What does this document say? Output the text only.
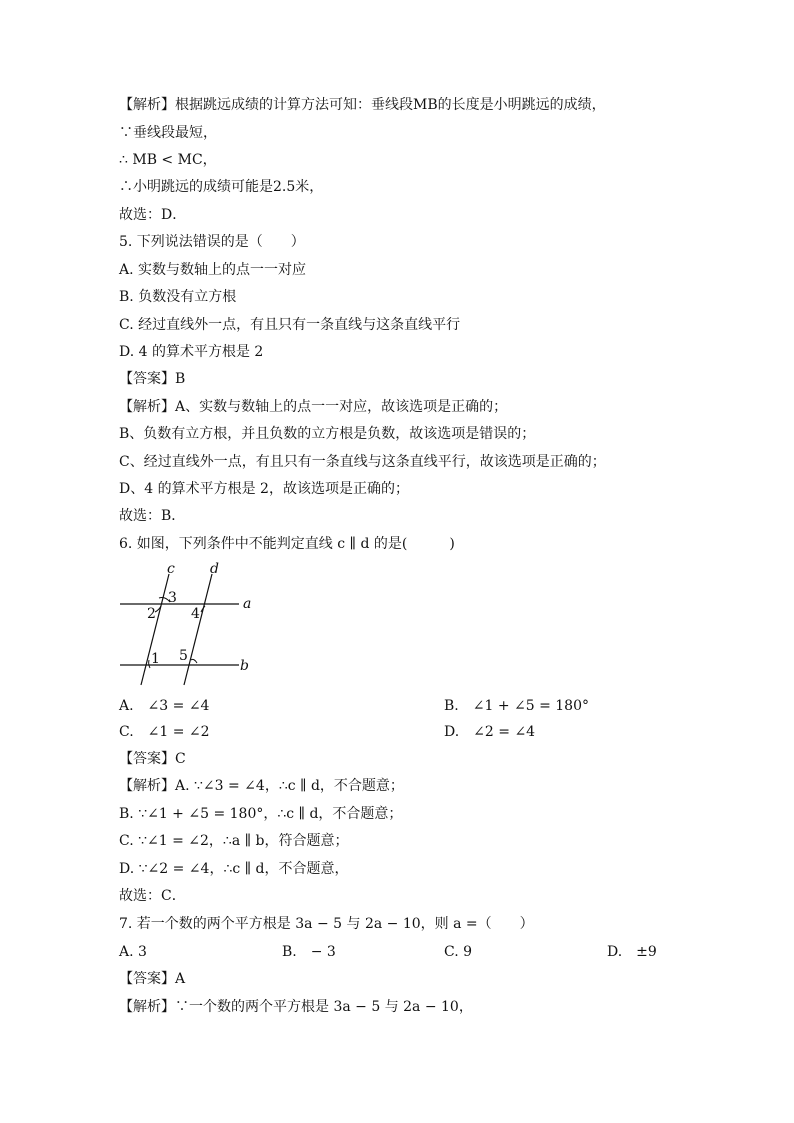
【解析】根据跳远成绩的计算方法可知：垂线段MB的长度是小明跳远的成绩，
∵垂线段最短，
∴ MB < MC，
∴小明跳远的成绩可能是2.5米，
故选：D．
5. 下列说法错误的是（　　）
A. 实数与数轴上的点一一对应
B. 负数没有立方根
C. 经过直线外一点，有且只有一条直线与这条直线平行
D. 4 的算术平方根是 2
【答案】B
【解析】A、实数与数轴上的点一一对应，故该选项是正确的；
B、负数有立方根，并且负数的立方根是负数，故该选项是错误的；
C、经过直线外一点，有且只有一条直线与这条直线平行，故该选项是正确的；
D、4 的算术平方根是 2，故该选项是正确的；
故选：B．
6. 如图，下列条件中不能判定直线 c ∥ d 的是(　　　)
c	d
a
b
3
2	4
1 5
A.　∠3 = ∠4	B.　∠1 + ∠5 = 180°
C.　∠1 = ∠2	D.　∠2 = ∠4
【答案】C
【解析】A. ∵∠3 = ∠4，∴c ∥ d，不合题意；
B. ∵∠1 + ∠5 = 180°，∴c ∥ d，不合题意；
C. ∵∠1 = ∠2，∴a ∥ b，符合题意；
D. ∵∠2 = ∠4，∴c ∥ d，不合题意，
故选：C．
7. 若一个数的两个平方根是 3a − 5 与 2a − 10，则 a =（　　）
A. 3	B.　− 3	C. 9	D.　±9
【答案】A
【解析】∵一个数的两个平方根是 3a − 5 与 2a − 10，
